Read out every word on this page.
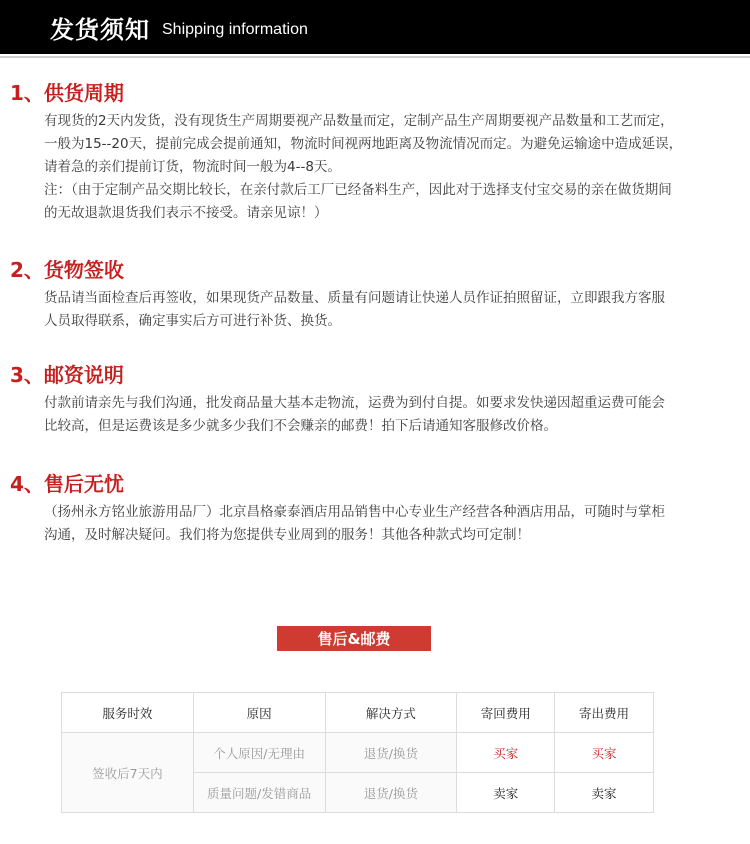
发货须知 Shipping information
1、供货周期

有现货的2天内发货，没有现货生产周期要视产品数量而定，定制产品生产周期要视产品数量和工艺而定，

一般为15--20天，提前完成会提前通知，物流时间视两地距离及物流情况而定。为避免运输途中造成延误，

请着急的亲们提前订货，物流时间一般为4--8天。

注：（由于定制产品交期比较长，在亲付款后工厂已经备料生产，因此对于选择支付宝交易的亲在做货期间

的无故退款退货我们表示不接受。请亲见谅！）

2、货物签收

货品请当面检查后再签收，如果现货产品数量、质量有问题请让快递人员作证拍照留证，立即跟我方客服

人员取得联系，确定事实后方可进行补货、换货。

3、邮资说明

付款前请亲先与我们沟通，批发商品量大基本走物流，运费为到付自提。如要求发快递因超重运费可能会

比较高，但是运费该是多少就多少我们不会赚亲的邮费！拍下后请通知客服修改价格。

4、售后无忧

（扬州永方铭业旅游用品厂）北京昌格豪泰酒店用品销售中心专业生产经营各种酒店用品，可随时与掌柜

沟通，及时解决疑问。我们将为您提供专业周到的服务！其他各种款式均可定制！

售后&邮费
服务时效	原因	解决方式	寄回费用	寄出费用
签收后7天内	个人原因/无理由	退货/换货	买家	买家
	质量问题/发错商品	退货/换货	卖家	卖家
